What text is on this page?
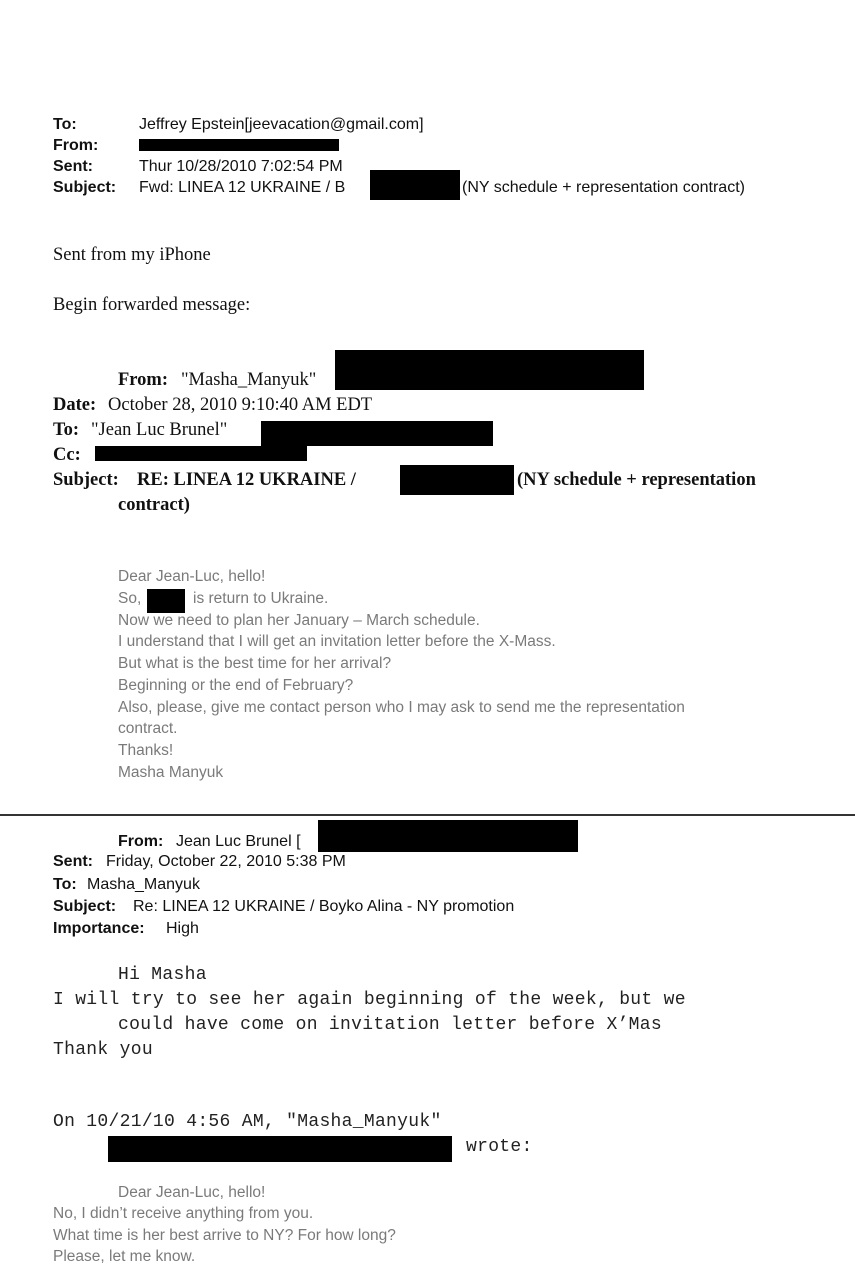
To:	Jeffrey Epstein[jeevacation@gmail.com]
From:
Sent:	Thur 10/28/2010 7:02:54 PM
Subject: Fwd: LINEA 12 UKRAINE / B	(NY schedule + representation contract)
Sent from my iPhone
Begin forwarded message:
From: "Masha_Manyuk"
Date: October 28, 2010 9:10:40 AM EDT
To: "Jean Luc Brunel"
Cc:
Subject: RE: LINEA 12 UKRAINE /	(NY schedule + representation
contract)
Dear Jean-Luc, hello!
So,	is return to Ukraine.
Now we need to plan her January – March schedule.
I understand that I will get an invitation letter before the X-Mass.
But what is the best time for her arrival?
Beginning or the end of February?
Also, please, give me contact person who I may ask to send me the representation
contract.
Thanks!
Masha Manyuk
From: Jean Luc Brunel [
Sent: Friday, October 22, 2010 5:38 PM
To: Masha_Manyuk
Subject: Re: LINEA 12 UKRAINE / Boyko Alina - NY promotion
Importance: High
Hi Masha
I will try to see her again beginning of the week, but we
could have come on invitation letter before X’Mas
Thank you
On 10/21/10 4:56 AM, "Masha_Manyuk"
wrote:
Dear Jean-Luc, hello!
No, I didn’t receive anything from you.
What time is her best arrive to NY? For how long?
Please, let me know.
